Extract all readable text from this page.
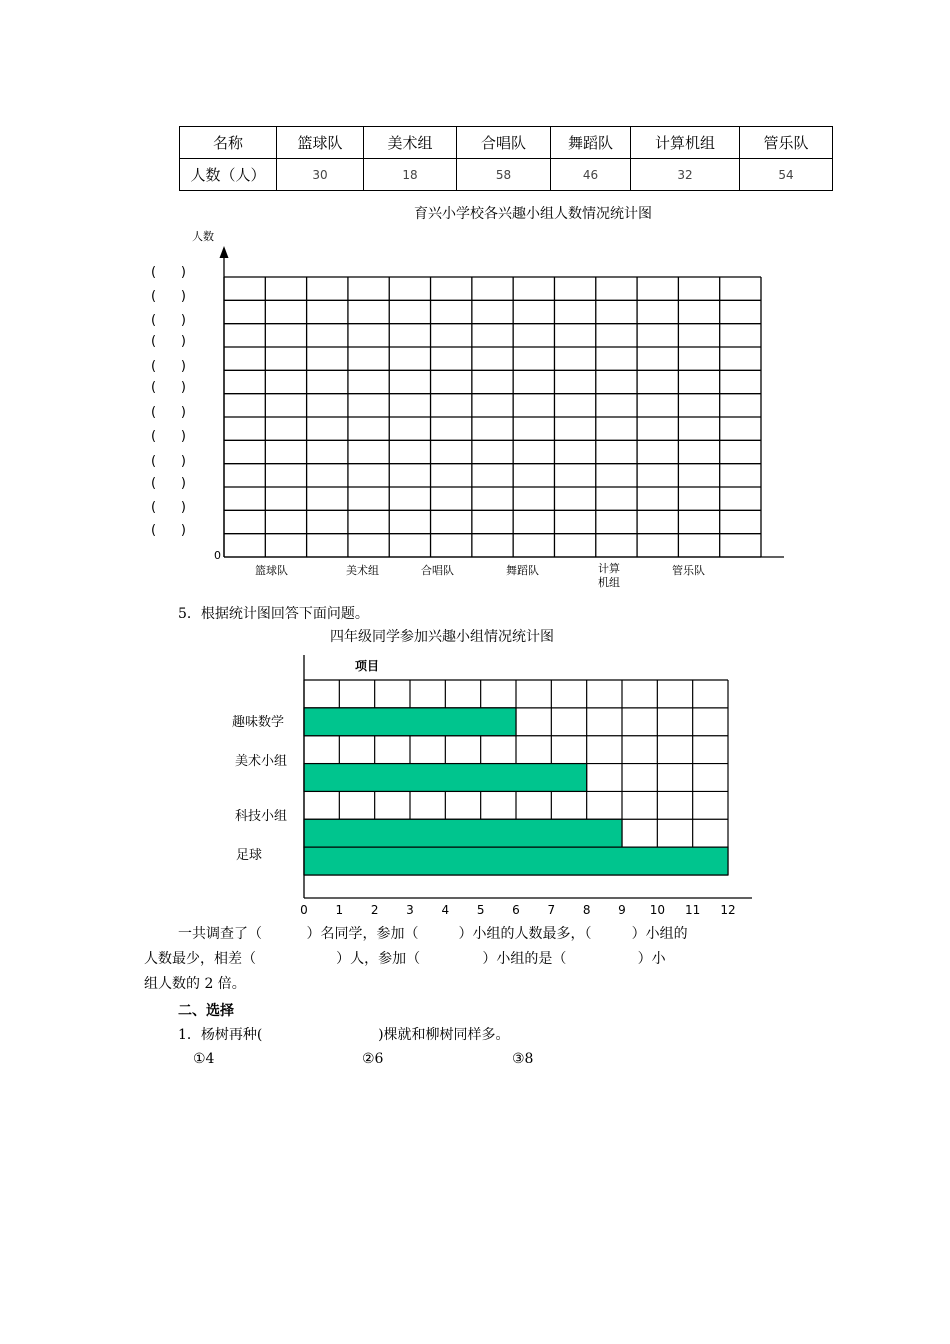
名称	篮球队	美术组	合唱队	舞蹈队	计算机组	管乐队
人数（人）	30	18	58	46	32	54
育兴小学校各兴趣小组人数情况统计图
人数
(      )
(      )
(      )
(      )
(      )
(      )
(      )
(      )
(      )
(      )
(      )
(      )
0
篮球队	美术组	合唱队	舞蹈队	计算
机组
管乐队
5．根据统计图回答下面问题。
四年级同学参加兴趣小组情况统计图
0 1 2 3 4 5 6 7 8 9 10 11 12
项目
趣味数学
美术小组
科技小组
足球
一共调查了（          ）名同学，参加（         ）小组的人数最多，（         ）小组的
人数最少，相差（                  ）人，参加（              ）小组的是（                ）小
组人数的 2 倍。
二、选择
1．杨树再种(                          )棵就和柳树同样多。
①4	②6	③8
